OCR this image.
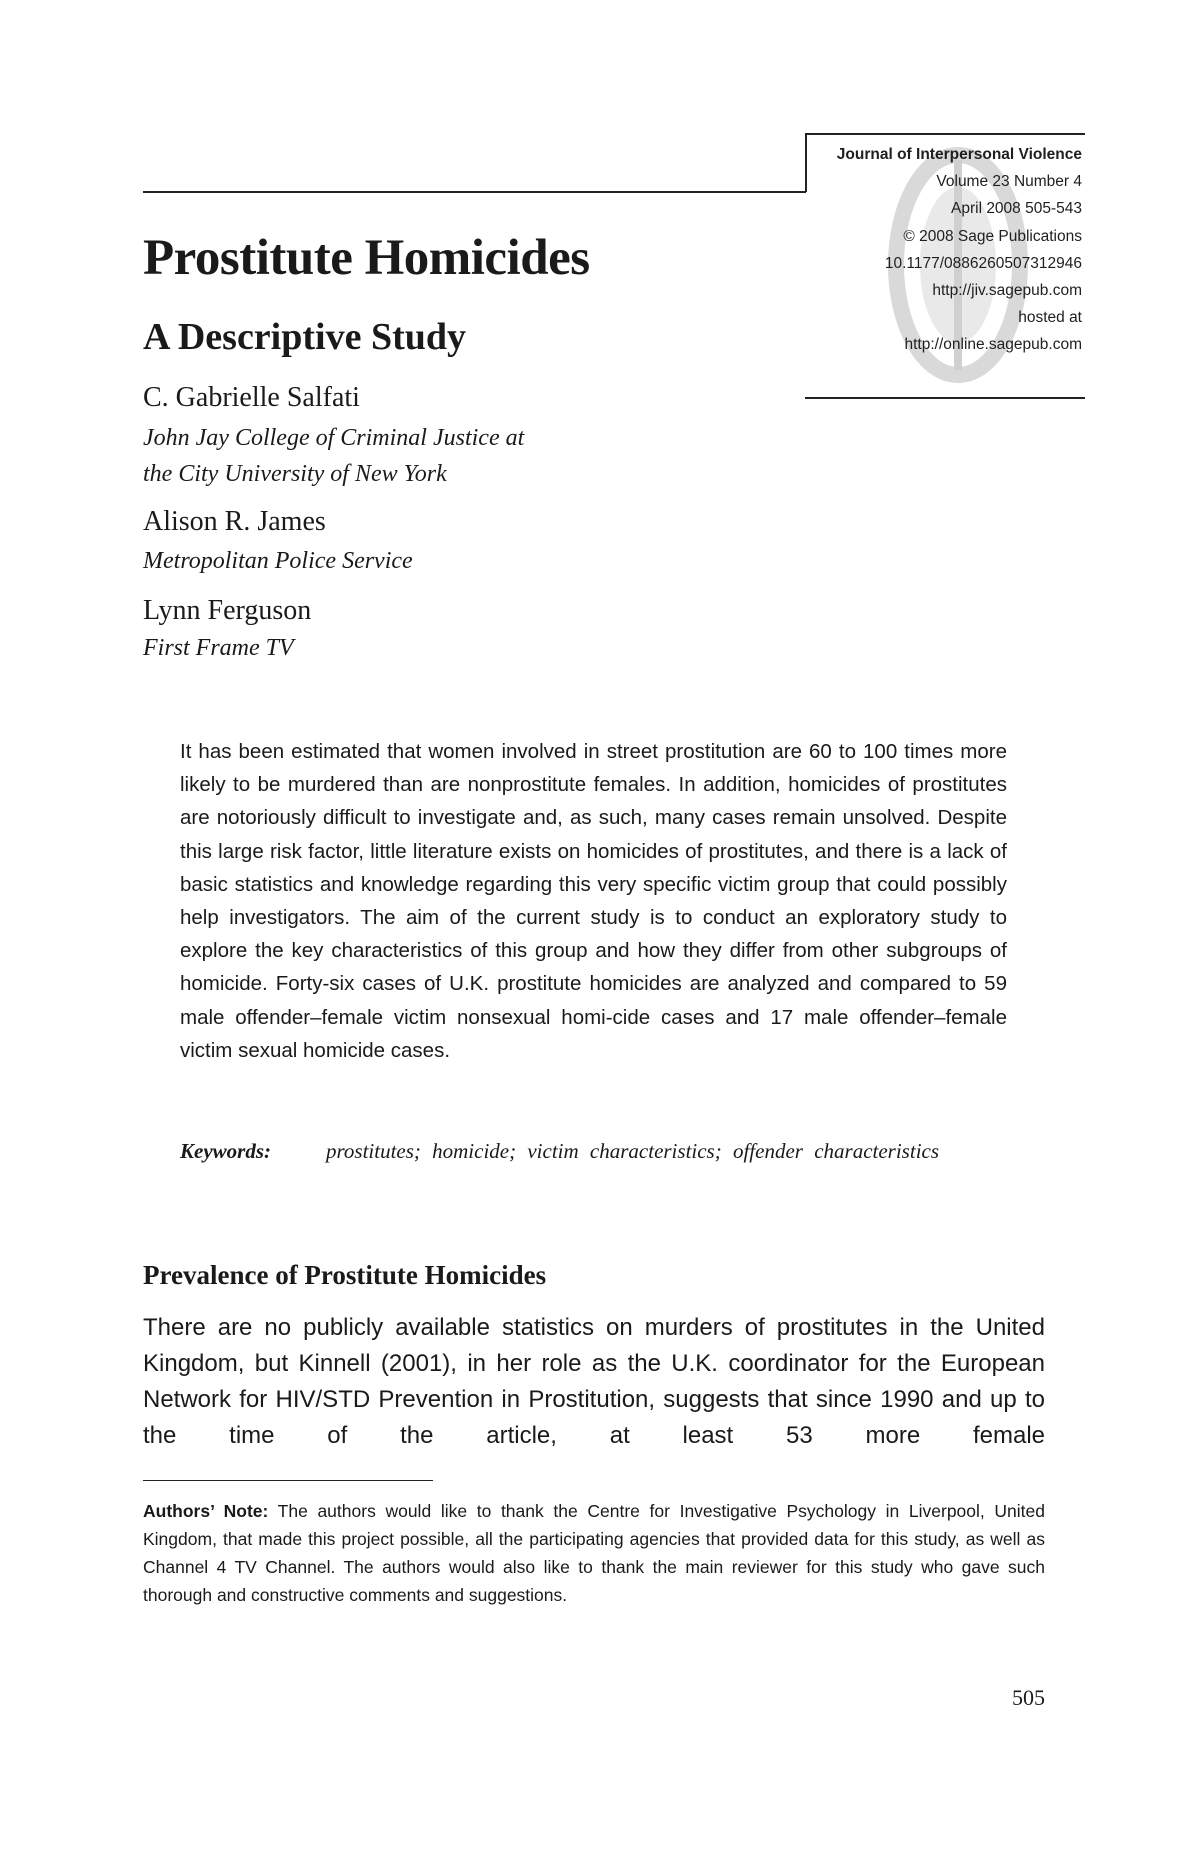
Journal of Interpersonal Violence
Volume 23 Number 4
April 2008 505-543
© 2008 Sage Publications
10.1177/0886260507312946
http://jiv.sagepub.com
hosted at
http://online.sagepub.com
Prostitute Homicides
A Descriptive Study

C. Gabrielle Salfati

John Jay College of Criminal Justice at

the City University of New York

Alison R. James

Metropolitan Police Service

Lynn Ferguson

First Frame TV

It has been estimated that women involved in street prostitution are 60 to 100 times more likely to be murdered than are nonprostitute females. In addition, homicides of prostitutes are notoriously difficult to investigate and, as such, many cases remain unsolved. Despite this large risk factor, little literature exists on homicides of prostitutes, and there is a lack of basic statistics and knowledge regarding this very specific victim group that could possibly help investigators. The aim of the current study is to conduct an exploratory study to explore the key characteristics of this group and how they differ from other subgroups of homicide. Forty-six cases of U.K. prostitute homicides are analyzed and compared to 59 male offender–female victim nonsexual homi-cide cases and 17 male offender–female victim sexual homicide cases.

Keywords:	prostitutes; homicide; victim characteristics; offender characteristics
Prevalence of Prostitute Homicides

There are no publicly available statistics on murders of prostitutes in the United Kingdom, but Kinnell (2001), in her role as the U.K. coordinator for the European Network for HIV/STD Prevention in Prostitution, suggests that since 1990 and up to the time of the article, at least 53 more female

Authors’ Note: The authors would like to thank the Centre for Investigative Psychology in Liverpool, United Kingdom, that made this project possible, all the participating agencies that provided data for this study, as well as Channel 4 TV Channel. The authors would also like to thank the main reviewer for this study who gave such thorough and constructive comments and suggestions.

505
